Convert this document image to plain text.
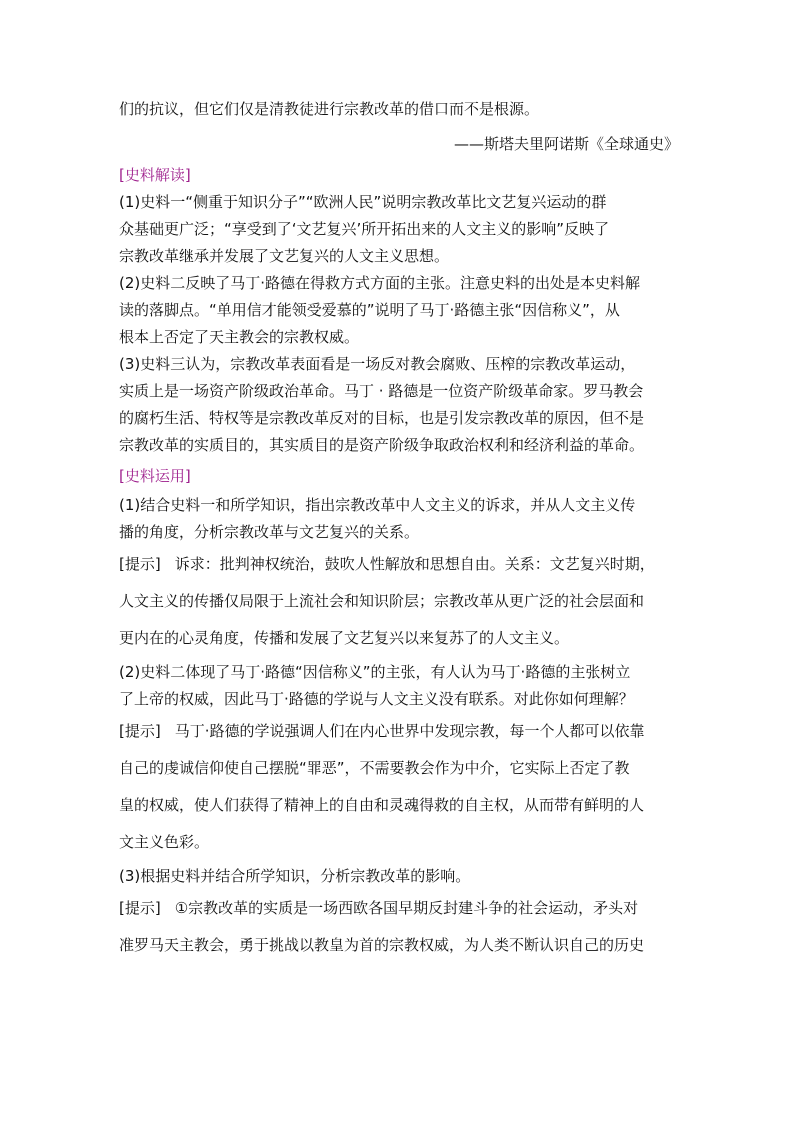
们的抗议，但它们仅是清教徒进行宗教改革的借口而不是根源。

——斯塔夫里阿诺斯《全球通史》

[史料解读]

(1)史料一“侧重于知识分子”“欧洲人民”说明宗教改革比文艺复兴运动的群

众基础更广泛；“享受到了‘文艺复兴’所开拓出来的人文主义的影响”反映了

宗教改革继承并发展了文艺复兴的人文主义思想。

(2)史料二反映了马丁·路德在得救方式方面的主张。注意史料的出处是本史料解

读的落脚点。“单用信才能领受爱慕的”说明了马丁·路德主张“因信称义”，从

根本上否定了天主教会的宗教权威。

(3)史料三认为，宗教改革表面看是一场反对教会腐败、压榨的宗教改革运动，

实质上是一场资产阶级政治革命。马丁 · 路德是一位资产阶级革命家。罗马教会

的腐朽生活、特权等是宗教改革反对的目标，也是引发宗教改革的原因，但不是

宗教改革的实质目的，其实质目的是资产阶级争取政治权利和经济利益的革命。

[史料运用]

(1)结合史料一和所学知识，指出宗教改革中人文主义的诉求，并从人文主义传

播的角度，分析宗教改革与文艺复兴的关系。

[提示] 诉求：批判神权统治，鼓吹人性解放和思想自由。关系：文艺复兴时期，

人文主义的传播仅局限于上流社会和知识阶层；宗教改革从更广泛的社会层面和

更内在的心灵角度，传播和发展了文艺复兴以来复苏了的人文主义。

(2)史料二体现了马丁·路德“因信称义”的主张，有人认为马丁·路德的主张树立

了上帝的权威，因此马丁·路德的学说与人文主义没有联系。对此你如何理解？

[提示] 马丁·路德的学说强调人们在内心世界中发现宗教，每一个人都可以依靠

自己的虔诚信仰使自己摆脱“罪恶”，不需要教会作为中介，它实际上否定了教

皇的权威，使人们获得了精神上的自由和灵魂得救的自主权，从而带有鲜明的人

文主义色彩。

(3)根据史料并结合所学知识，分析宗教改革的影响。

[提示] ①宗教改革的实质是一场西欧各国早期反封建斗争的社会运动，矛头对

准罗马天主教会，勇于挑战以教皇为首的宗教权威，为人类不断认识自己的历史
